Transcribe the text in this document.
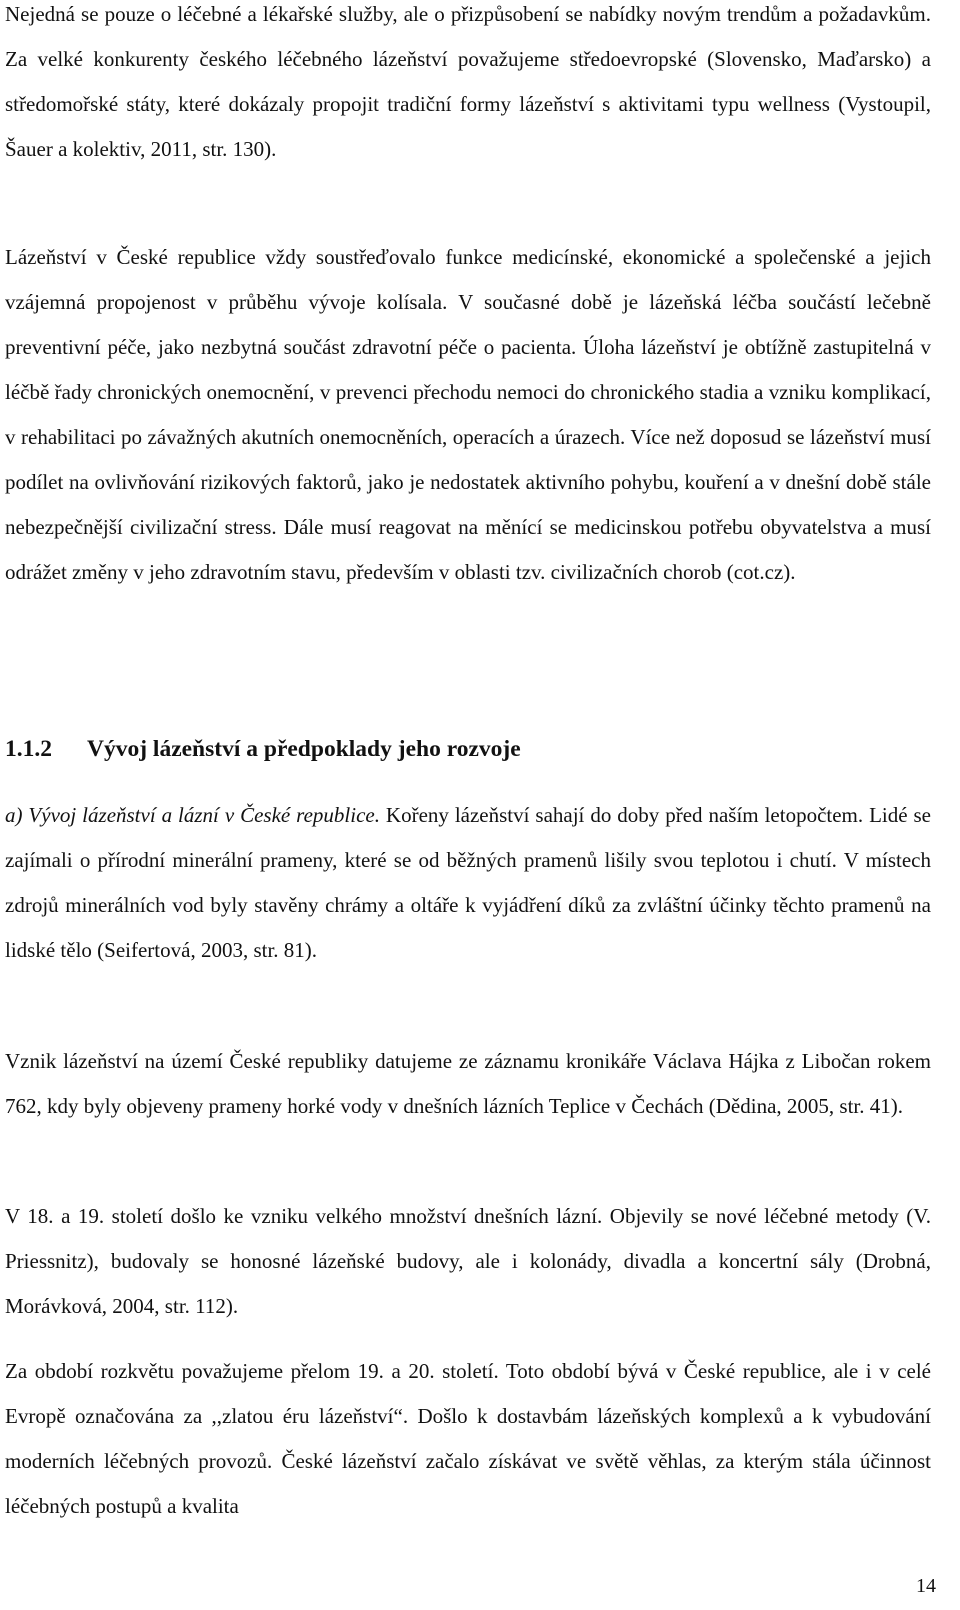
Nejedná se pouze o léčebné a lékařské služby, ale o přizpůsobení se nabídky novým trendům a požadavkům. Za velké konkurenty českého léčebného lázeňství považujeme středoevropské (Slovensko, Maďarsko) a středomořské státy, které dokázaly propojit tradiční formy lázeňství s aktivitami typu wellness (Vystoupil, Šauer a kolektiv, 2011, str. 130).

Lázeňství v České republice vždy soustřeďovalo funkce medicínské, ekonomické a společenské a jejich vzájemná propojenost v průběhu vývoje kolísala. V současné době je lázeňská léčba součástí lečebně preventivní péče, jako nezbytná součást zdravotní péče o pacienta. Úloha lázeňství je obtížně zastupitelná v léčbě řady chronických onemocnění, v prevenci přechodu nemoci do chronického stadia a vzniku komplikací, v rehabilitaci po závažných akutních onemocněních, operacích a úrazech. Více než doposud se lázeňství musí podílet na ovlivňování rizikových faktorů, jako je nedostatek aktivního pohybu, kouření a v dnešní době stále nebezpečnější civilizační stress. Dále musí reagovat na měnící se medicinskou potřebu obyvatelstva a musí odrážet změny v jeho zdravotním stavu, především v oblasti tzv. civilizačních chorob (cot.cz).

1.1.2 Vývoj lázeňství a předpoklady jeho rozvoje

a) Vývoj lázeňství a lázní v České republice. Kořeny lázeňství sahají do doby před naším letopočtem. Lidé se zajímali o přírodní minerální prameny, které se od běžných pramenů lišily svou teplotou i chutí. V místech zdrojů minerálních vod byly stavěny chrámy a oltáře k vyjádření díků za zvláštní účinky těchto pramenů na lidské tělo (Seifertová, 2003, str. 81).

Vznik lázeňství na území České republiky datujeme ze záznamu kronikáře Václava Hájka z Libočan rokem 762, kdy byly objeveny prameny horké vody v dnešních lázních Teplice v Čechách (Dědina, 2005, str. 41).

V 18. a 19. století došlo ke vzniku velkého množství dnešních lázní. Objevily se nové léčebné metody (V. Priessnitz), budovaly se honosné lázeňské budovy, ale i kolonády, divadla a koncertní sály (Drobná, Morávková, 2004, str. 112).

Za období rozkvětu považujeme přelom 19. a 20. století. Toto období bývá v České republice, ale i v celé Evropě označována za ,,zlatou éru lázeňství“. Došlo k dostavbám lázeňských komplexů a k vybudování moderních léčebných provozů. České lázeňství začalo získávat ve světě věhlas, za kterým stála účinnost léčebných postupů a kvalita

14
